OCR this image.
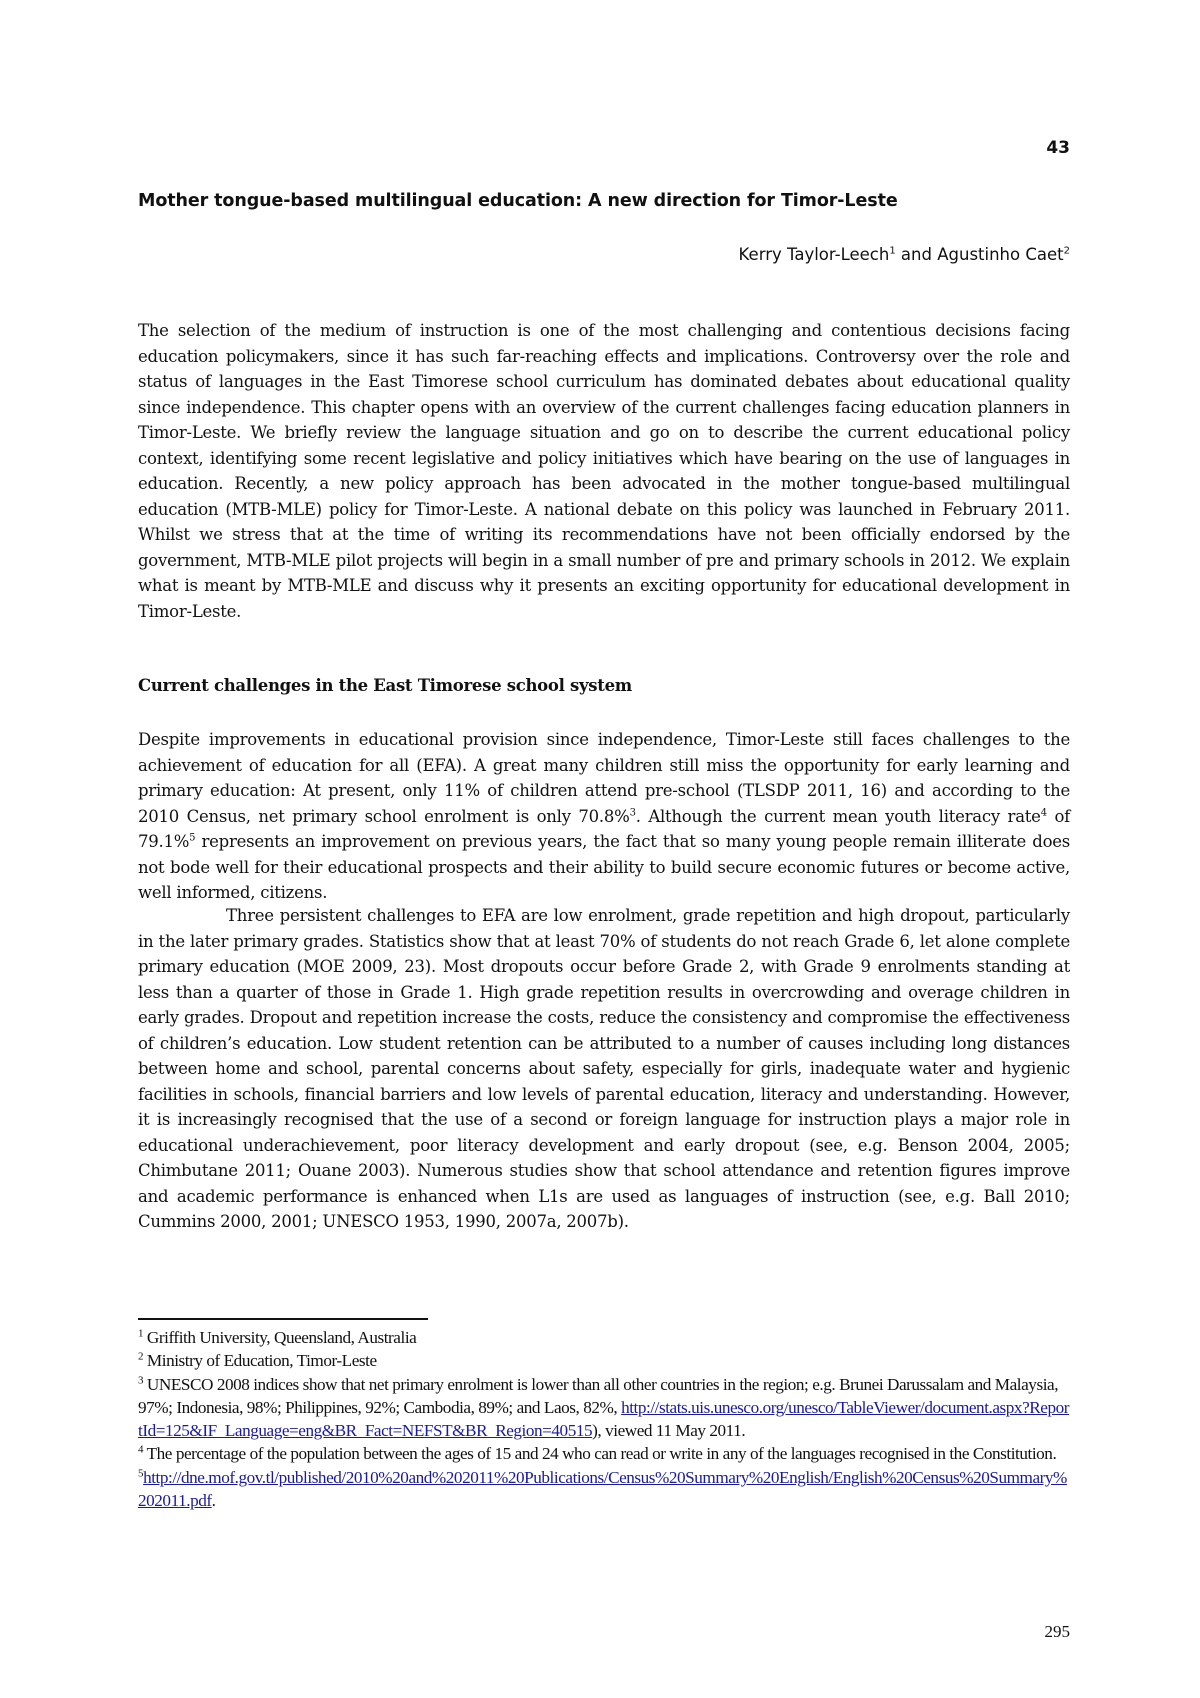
43
Mother tongue-based multilingual education: A new direction for Timor-Leste
Kerry Taylor-Leech$^1$ and Agustinho Caet$^2$

The selection of the medium of instruction is one of the most challenging and contentious decisions facing education policymakers, since it has such far-reaching effects and implications. Controversy over the role and status of languages in the East Timorese school curriculum has dominated debates about educational quality since independence. This chapter opens with an overview of the current challenges facing education planners in Timor-Leste. We briefly review the language situation and go on to describe the current educational policy context, identifying some recent legislative and policy initiatives which have bearing on the use of languages in education. Recently, a new policy approach has been advocated in the mother tongue-based multilingual education (MTB-MLE) policy for Timor-Leste. A national debate on this policy was launched in February 2011. Whilst we stress that at the time of writing its recommendations have not been officially endorsed by the government, MTB-MLE pilot projects will begin in a small number of pre and primary schools in 2012. We explain what is meant by MTB-MLE and discuss why it presents an exciting opportunity for educational development in Timor-Leste.

Current challenges in the East Timorese school system

Despite improvements in educational provision since independence, Timor-Leste still faces challenges to the achievement of education for all (EFA). A great many children still miss the opportunity for early learning and primary education: At present, only 11% of children attend pre-school (TLSDP 2011, 16) and according to the 2010 Census, net primary school enrolment is only 70.8%$^3$. Although the current mean youth literacy rate$^4$ of 79.1%$^5$ represents an improvement on previous years, the fact that so many young people remain illiterate does not bode well for their educational prospects and their ability to build secure economic futures or become active, well informed, citizens.

Three persistent challenges to EFA are low enrolment, grade repetition and high dropout, particularly in the later primary grades. Statistics show that at least 70% of students do not reach Grade 6, let alone complete primary education (MOE 2009, 23). Most dropouts occur before Grade 2, with Grade 9 enrolments standing at less than a quarter of those in Grade 1. High grade repetition results in overcrowding and overage children in early grades. Dropout and repetition increase the costs, reduce the consistency and compromise the effectiveness of children’s education. Low student retention can be attributed to a number of causes including long distances between home and school, parental concerns about safety, especially for girls, inadequate water and hygienic facilities in schools, financial barriers and low levels of parental education, literacy and understanding. However, it is increasingly recognised that the use of a second or foreign language for instruction plays a major role in educational underachievement, poor literacy development and early dropout (see, e.g. Benson 2004, 2005; Chimbutane 2011; Ouane 2003). Numerous studies show that school attendance and retention figures improve and academic performance is enhanced when L1s are used as languages of instruction (see, e.g. Ball 2010; Cummins 2000, 2001; UNESCO 1953, 1990, 2007a, 2007b).

$^1$ Griffith University, Queensland, Australia

$^2$ Ministry of Education, Timor-Leste

$^3$ UNESCO 2008 indices show that net primary enrolment is lower than all other countries in the region; e.g. Brunei Darussalam and Malaysia, 97%; Indonesia, 98%; Philippines, 92%; Cambodia, 89%; and Laos, 82%, http://stats.uis.unesco.org/unesco/TableViewer/document.aspx?ReportId=125&IF_Language=eng&BR_Fact=NEFST&BR_Region=40515), viewed 11 May 2011.

$^4$ The percentage of the population between the ages of 15 and 24 who can read or write in any of the languages recognised in the Constitution.

$^5$http://dne.mof.gov.tl/published/2010%20and%202011%20Publications/Census%20Summary%20English/English%20Census%20Summary%202011.pdf.

295
